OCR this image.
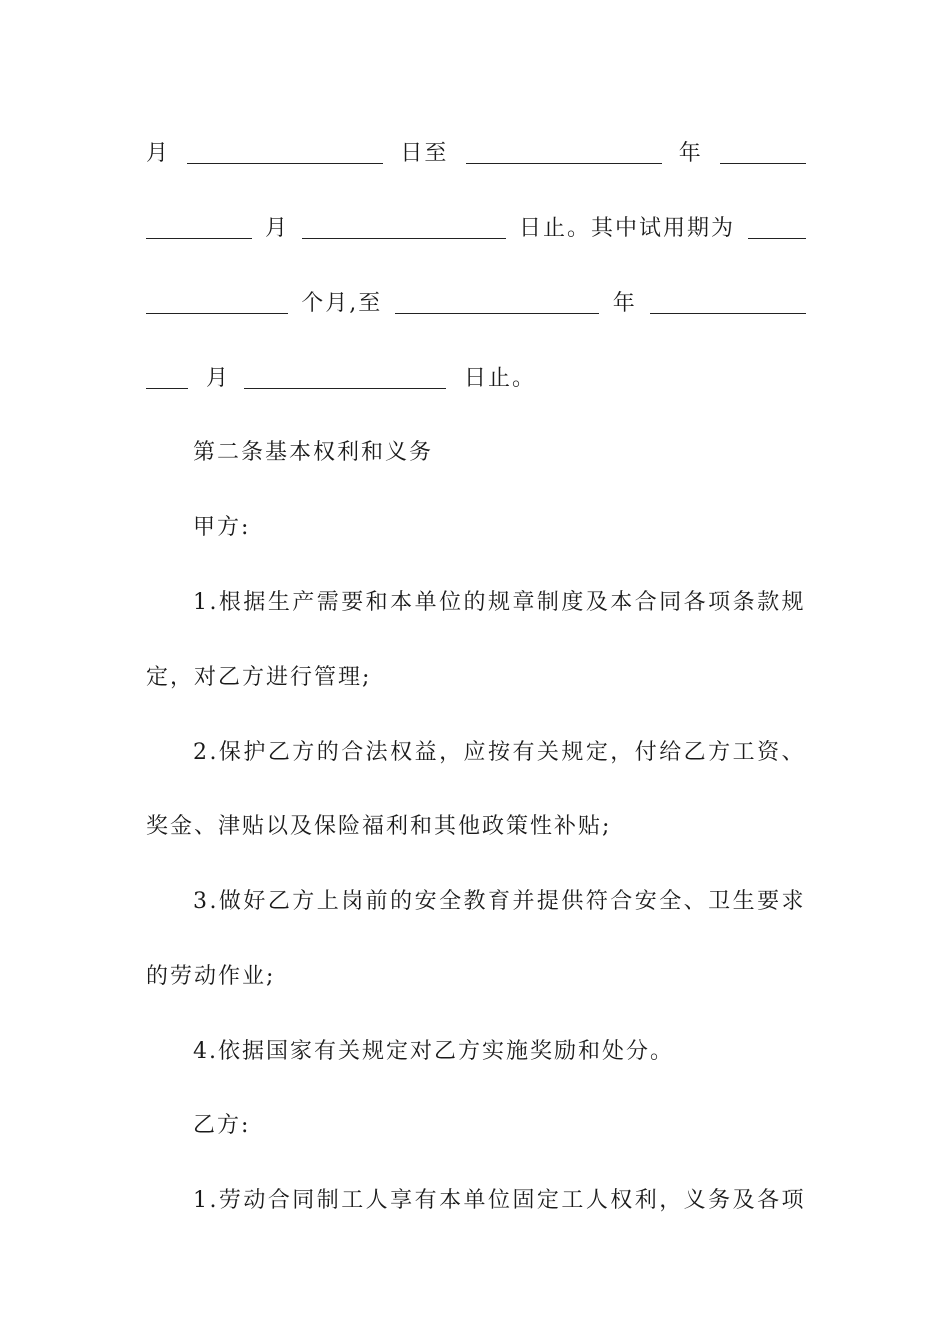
月	日至	年
月	日止。其中试用期为
个月,至	年
月	日止。
第二条基本权利和义务
甲方:
1.根据生产需要和本单位的规章制度及本合同各项条款规
定，对乙方进行管理;
2.保护乙方的合法权益，应按有关规定，付给乙方工资、
奖金、津贴以及保险福利和其他政策性补贴;
3.做好乙方上岗前的安全教育并提供符合安全、卫生要求
的劳动作业;
4.依据国家有关规定对乙方实施奖励和处分。
乙方:
1.劳动合同制工人享有本单位固定工人权利，义务及各项
